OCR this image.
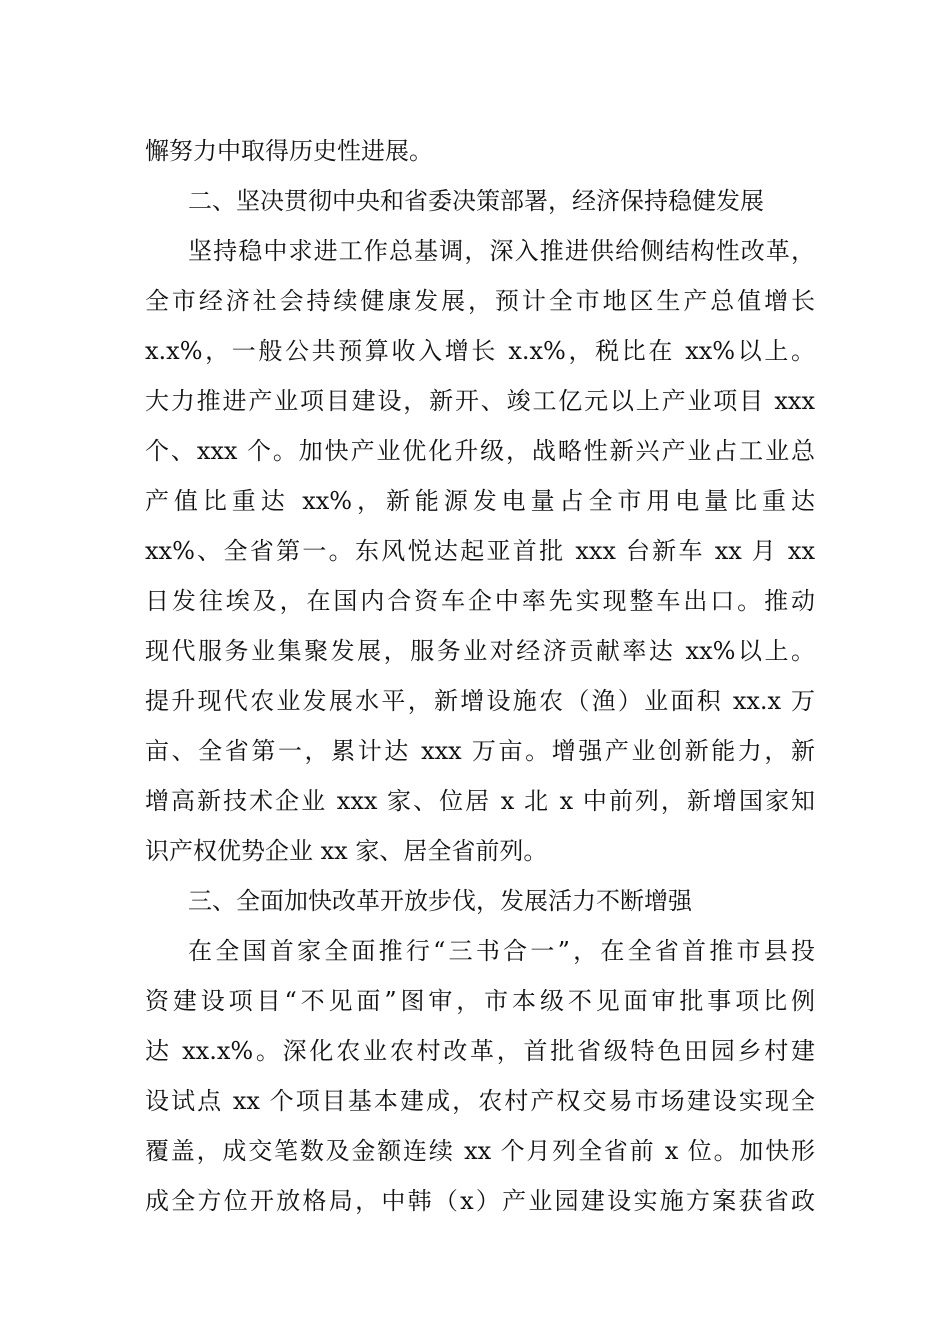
懈努力中取得历史性进展。
二、坚决贯彻中央和省委决策部署，经济保持稳健发展
坚持稳中求进工作总基调，深入推进供给侧结构性改革，
全市经济社会持续健康发展，预计全市地区生产总值增长
x.x%，一般公共预算收入增长 x.x%，税比在 xx%以上。
大力推进产业项目建设，新开、竣工亿元以上产业项目 xxx
个、xxx 个。加快产业优化升级，战略性新兴产业占工业总
产值比重达 xx%，新能源发电量占全市用电量比重达
xx%、全省第一。东风悦达起亚首批 xxx 台新车 xx 月 xx
日发往埃及，在国内合资车企中率先实现整车出口。推动
现代服务业集聚发展，服务业对经济贡献率达 xx%以上。
提升现代农业发展水平，新增设施农（渔）业面积 xx.x 万
亩、全省第一，累计达 xxx 万亩。增强产业创新能力，新
增高新技术企业 xxx 家、位居 x 北 x 中前列，新增国家知
识产权优势企业 xx 家、居全省前列。
三、全面加快改革开放步伐，发展活力不断增强
在全国首家全面推行“三书合一”，在全省首推市县投
资建设项目“不见面”图审，市本级不见面审批事项比例
达 xx.x%。深化农业农村改革，首批省级特色田园乡村建
设试点 xx 个项目基本建成，农村产权交易市场建设实现全
覆盖，成交笔数及金额连续 xx 个月列全省前 x 位。加快形
成全方位开放格局，中韩（x）产业园建设实施方案获省政
